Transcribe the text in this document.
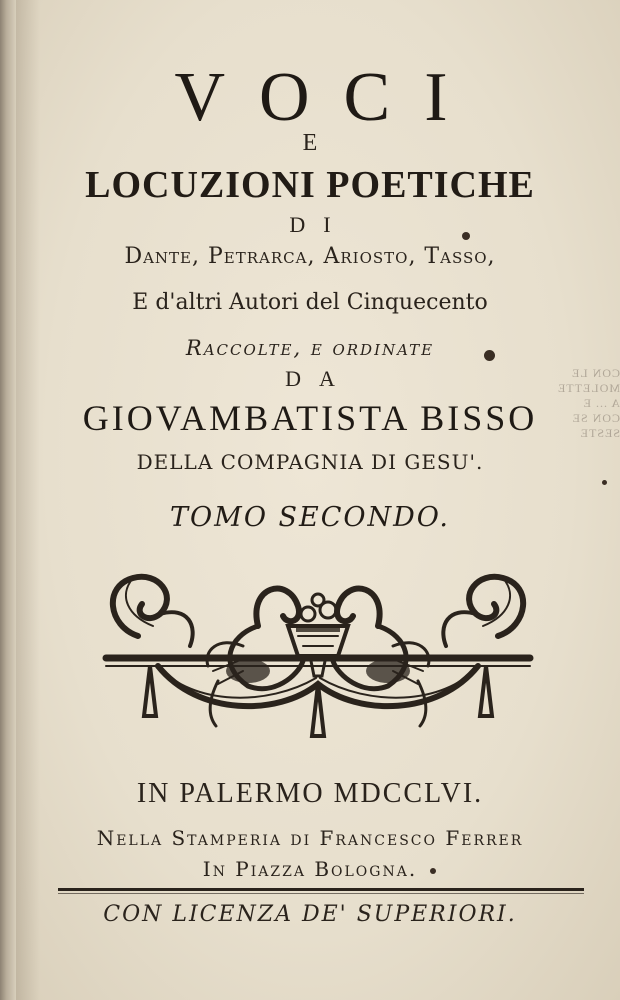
CON LE MOLETTE A ... E CON SE SESTE
VOCI
E
LOCUZIONI POETICHE
DI
Dante, Petrarca, Ariosto, Tasso,
E d'altri Autori del Cinquecento
Raccolte, e ordinate
DA
GIOVAMBATISTA BISSO
DELLA COMPAGNIA DI GESU'.
TOMO SECONDO.
IN PALERMO MDCCLVI.
Nella Stamperia di Francesco Ferrer
In Piazza Bologna.
CON LICENZA DE' SUPERIORI.
